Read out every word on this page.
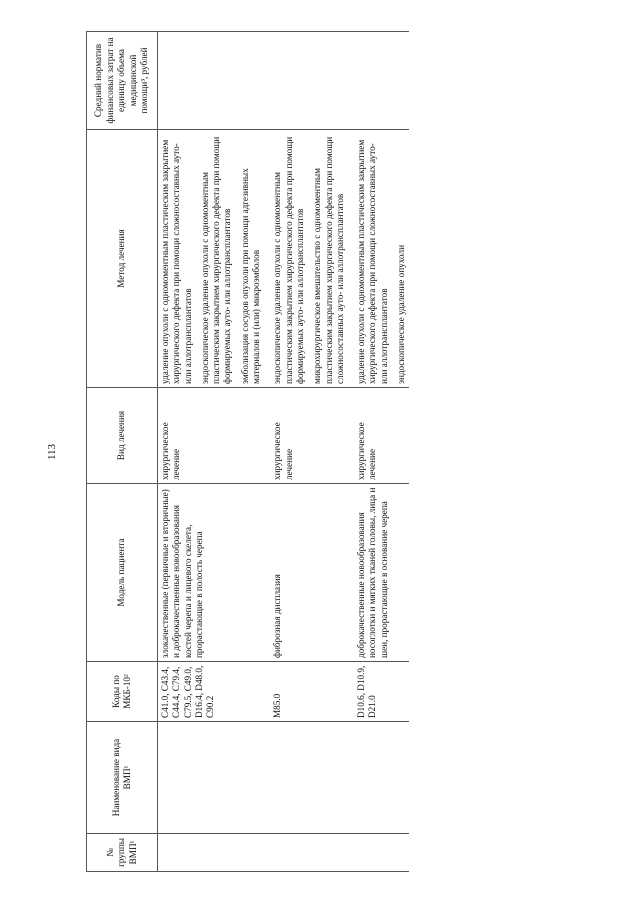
113
№ группы ВМП¹	Наименование вида ВМП¹	Коды по МКБ-10²	Модель пациента	Вид лечения	Метод лечения	Средний норматив финансовых затрат на единицу объема медицинской помощи³, рублей
		C41.0, C43.4, C44.4, C79.4, C79.5, C49.0, D16.4, D48.0, C90.2	злокачественные (первичные и вторичные) и доброкачественные новообразования костей черепа и лицевого скелета, прорастающие в полость черепа	хирургическое лечение	удаление опухоли с одномоментным пластическим закрытием хирургического дефекта при помощи сложносоставных ауто- или аллотрансплантатов эндоскопическое удаление опухоли с одномоментным пластическим закрытием хирургического дефекта при помощи формируемых ауто- или аллотрансплантатов эмболизация сосудов опухоли при помощи адгезивных материалов и (или) микроэмболов	

		M85.0	фиброзная дисплазия	хирургическое лечение	эндоскопическое удаление опухоли с одномоментным пластическим закрытием хирургического дефекта при помощи формируемых ауто- или аллотрансплантатов микрохирургическое вмешательство с одномоментным пластическим закрытием хирургического дефекта при помощи сложносоставных ауто- или аллотрансплантатов	

		D10.6, D10.9, D21.0	доброкачественные новообразования носоглотки и мягких тканей головы, лица и шеи, прорастающие в основание черепа	хирургическое лечение	удаление опухоли с одномоментным пластическим закрытием хирургического дефекта при помощи сложносоставных ауто- или аллотрансплантатов эндоскопическое удаление опухоли	
